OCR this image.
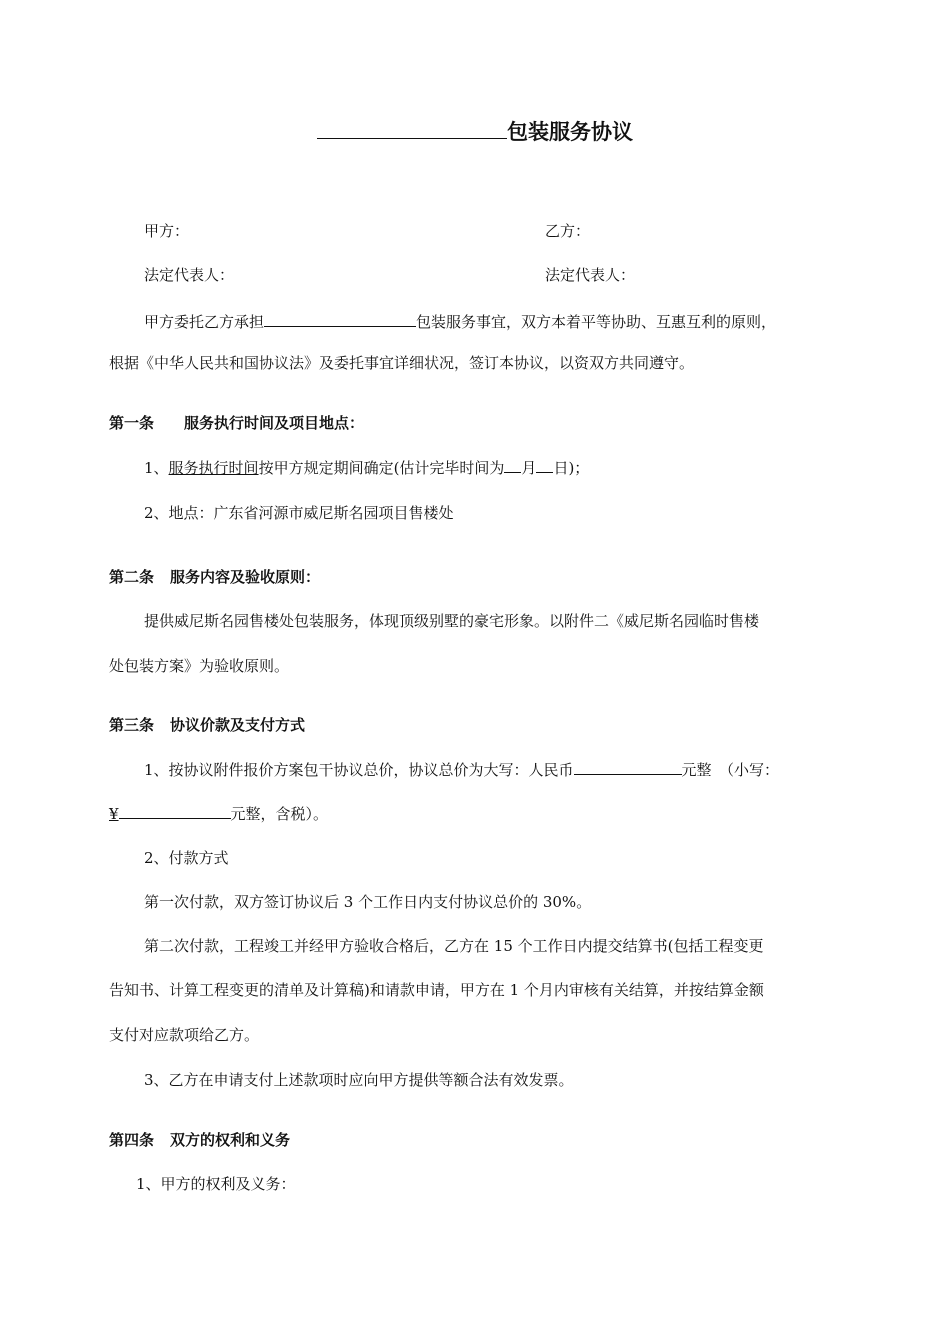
包装服务协议
甲方：	乙方：
法定代表人：	法定代表人：
甲方委托乙方承担	包装服务事宜，双方本着平等协助、互惠互利的原则，
根据《中华人民共和国协议法》及委托事宜详细状况，签订本协议，以资双方共同遵守。
第一条 服务执行时间及项目地点：
1、服务执行时间按甲方规定期间确定(估计完毕时间为 月 日)；
2、地点：广东省河源市威尼斯名园项目售楼处
第二条 服务内容及验收原则：
提供威尼斯名园售楼处包装服务，体现顶级别墅的豪宅形象。以附件二《威尼斯名园临时售楼
处包装方案》为验收原则。
第三条 协议价款及支付方式
1、按协议附件报价方案包干协议总价，协议总价为大写：人民币	元整　（小写：
¥	元整，含税）。
2、付款方式
第一次付款，双方签订协议后 3 个工作日内支付协议总价的 30%。
第二次付款，工程竣工并经甲方验收合格后，乙方在 15 个工作日内提交结算书(包括工程变更
告知书、计算工程变更的清单及计算稿)和请款申请，甲方在 1 个月内审核有关结算，并按结算金额
支付对应款项给乙方。
3、乙方在申请支付上述款项时应向甲方提供等额合法有效发票。
第四条 双方的权利和义务
1、甲方的权利及义务：
